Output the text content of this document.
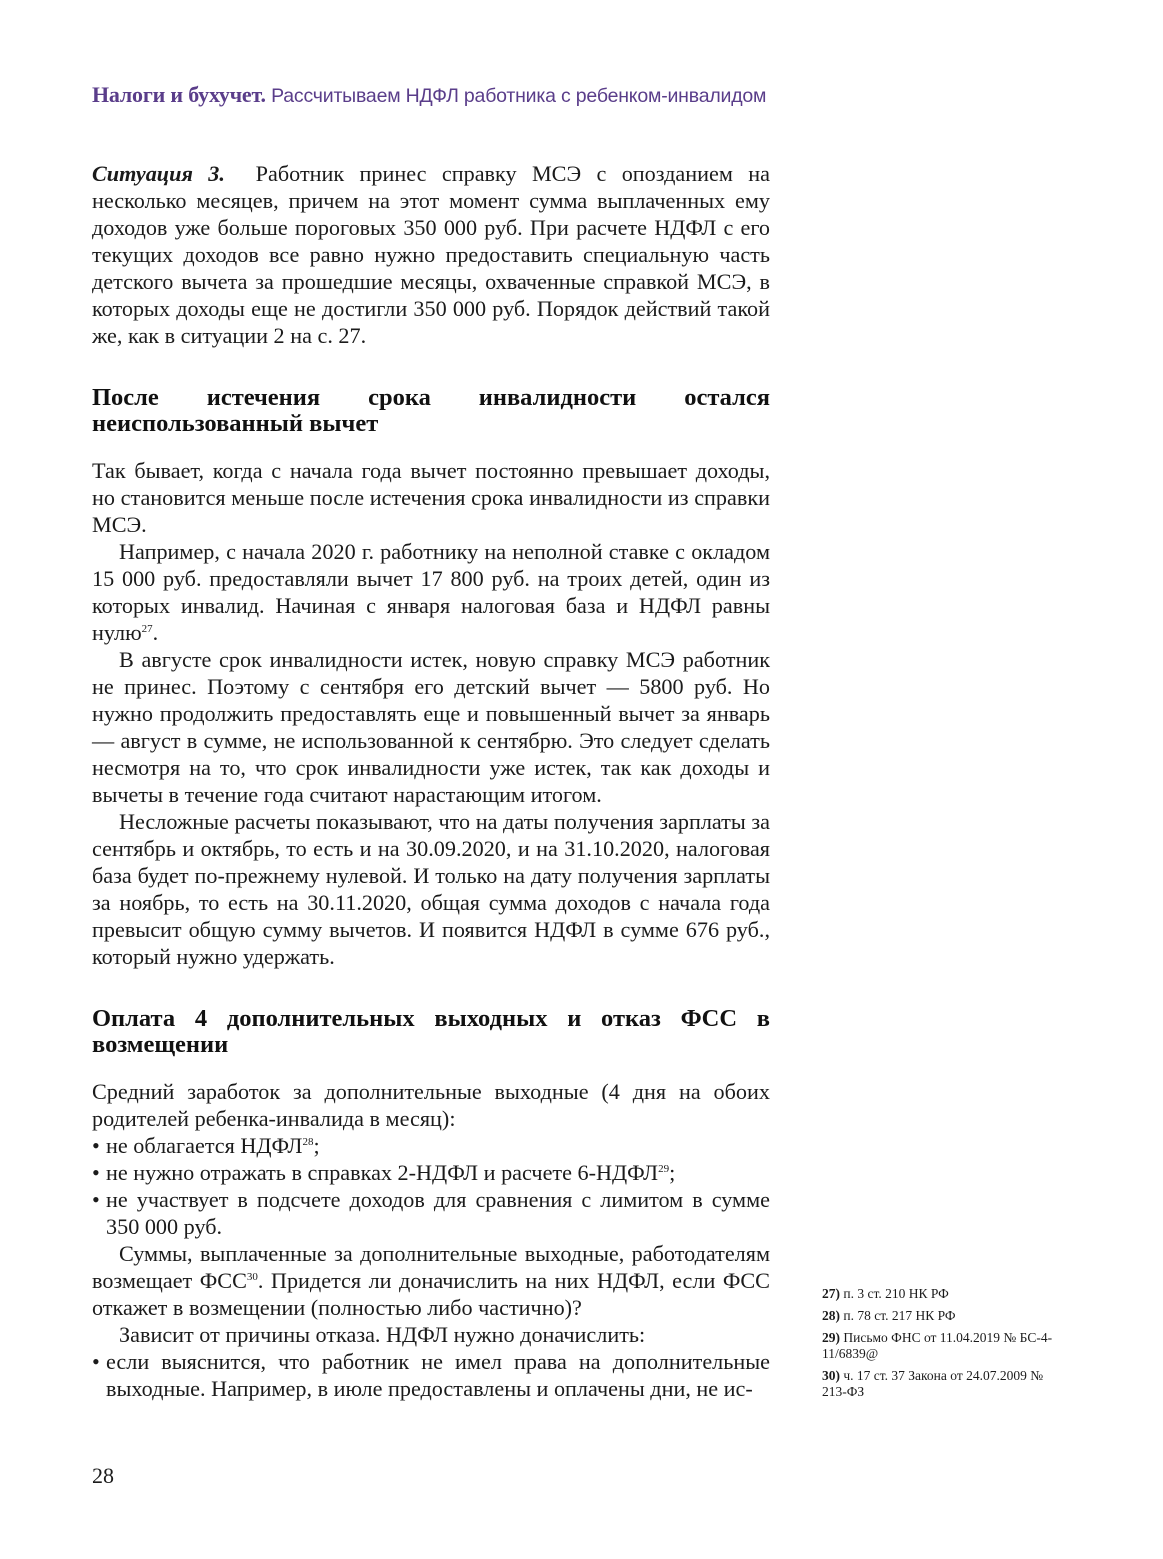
Налоги и бухучет. Рассчитываем НДФЛ работника с ребенком-инвалидом

Ситуация 3. Работник принес справку МСЭ с опозданием на несколько месяцев, причем на этот момент сумма выплаченных ему доходов уже больше пороговых 350 000 руб. При расчете НДФЛ с его текущих доходов все равно нужно предоставить специальную часть детского вычета за прошедшие месяцы, охваченные справкой МСЭ, в которых доходы еще не достигли 350 000 руб. Порядок действий такой же, как в ситуации 2 на с. 27.

После истечения срока инвалидности остался неиспользованный вычет

Так бывает, когда с начала года вычет постоянно превышает доходы, но становится меньше после истечения срока инвалидности из справки МСЭ.

Например, с начала 2020 г. работнику на неполной ставке с окладом 15 000 руб. предоставляли вычет 17 800 руб. на троих детей, один из которых инвалид. Начиная с января налоговая база и НДФЛ равны нулю$^{27}$.

В августе срок инвалидности истек, новую справку МСЭ работник не принес. Поэтому с сентября его детский вычет — 5800 руб. Но нужно продолжить предоставлять еще и повышенный вычет за январь — август в сумме, не использованной к сентябрю. Это следует сделать несмотря на то, что срок инвалидности уже истек, так как доходы и вычеты в течение года считают нарастающим итогом.

Несложные расчеты показывают, что на даты получения зарплаты за сентябрь и октябрь, то есть и на 30.09.2020, и на 31.10.2020, налоговая база будет по-прежнему нулевой. И только на дату получения зарплаты за ноябрь, то есть на 30.11.2020, общая сумма доходов с начала года превысит общую сумму вычетов. И появится НДФЛ в сумме 676 руб., который нужно удержать.

Оплата 4 дополнительных выходных и отказ ФСС в возмещении

Средний заработок за дополнительные выходные (4 дня на обоих родителей ребенка-инвалида в месяц):

• не облагается НДФЛ$^{28}$;
• не нужно отражать в справках 2-НДФЛ и расчете 6-НДФЛ$^{29}$;
• не участвует в подсчете доходов для сравнения с лимитом в сумме 350 000 руб.

Суммы, выплаченные за дополнительные выходные, работодателям возмещает ФСС$^{30}$. Придется ли доначислить на них НДФЛ, если ФСС откажет в возмещении (полностью либо частично)?

Зависит от причины отказа. НДФЛ нужно доначислить:

• если выяснится, что работник не имел права на дополнительные выходные. Например, в июле предоставлены и оплачены дни, не ис-
27) п. 3 ст. 210 НК РФ
28) п. 78 ст. 217 НК РФ
29) Письмо ФНС от 11.04.2019 № БС-4-11/6839@
30) ч. 17 ст. 37 Закона от 24.07.2009 № 213-ФЗ
28
